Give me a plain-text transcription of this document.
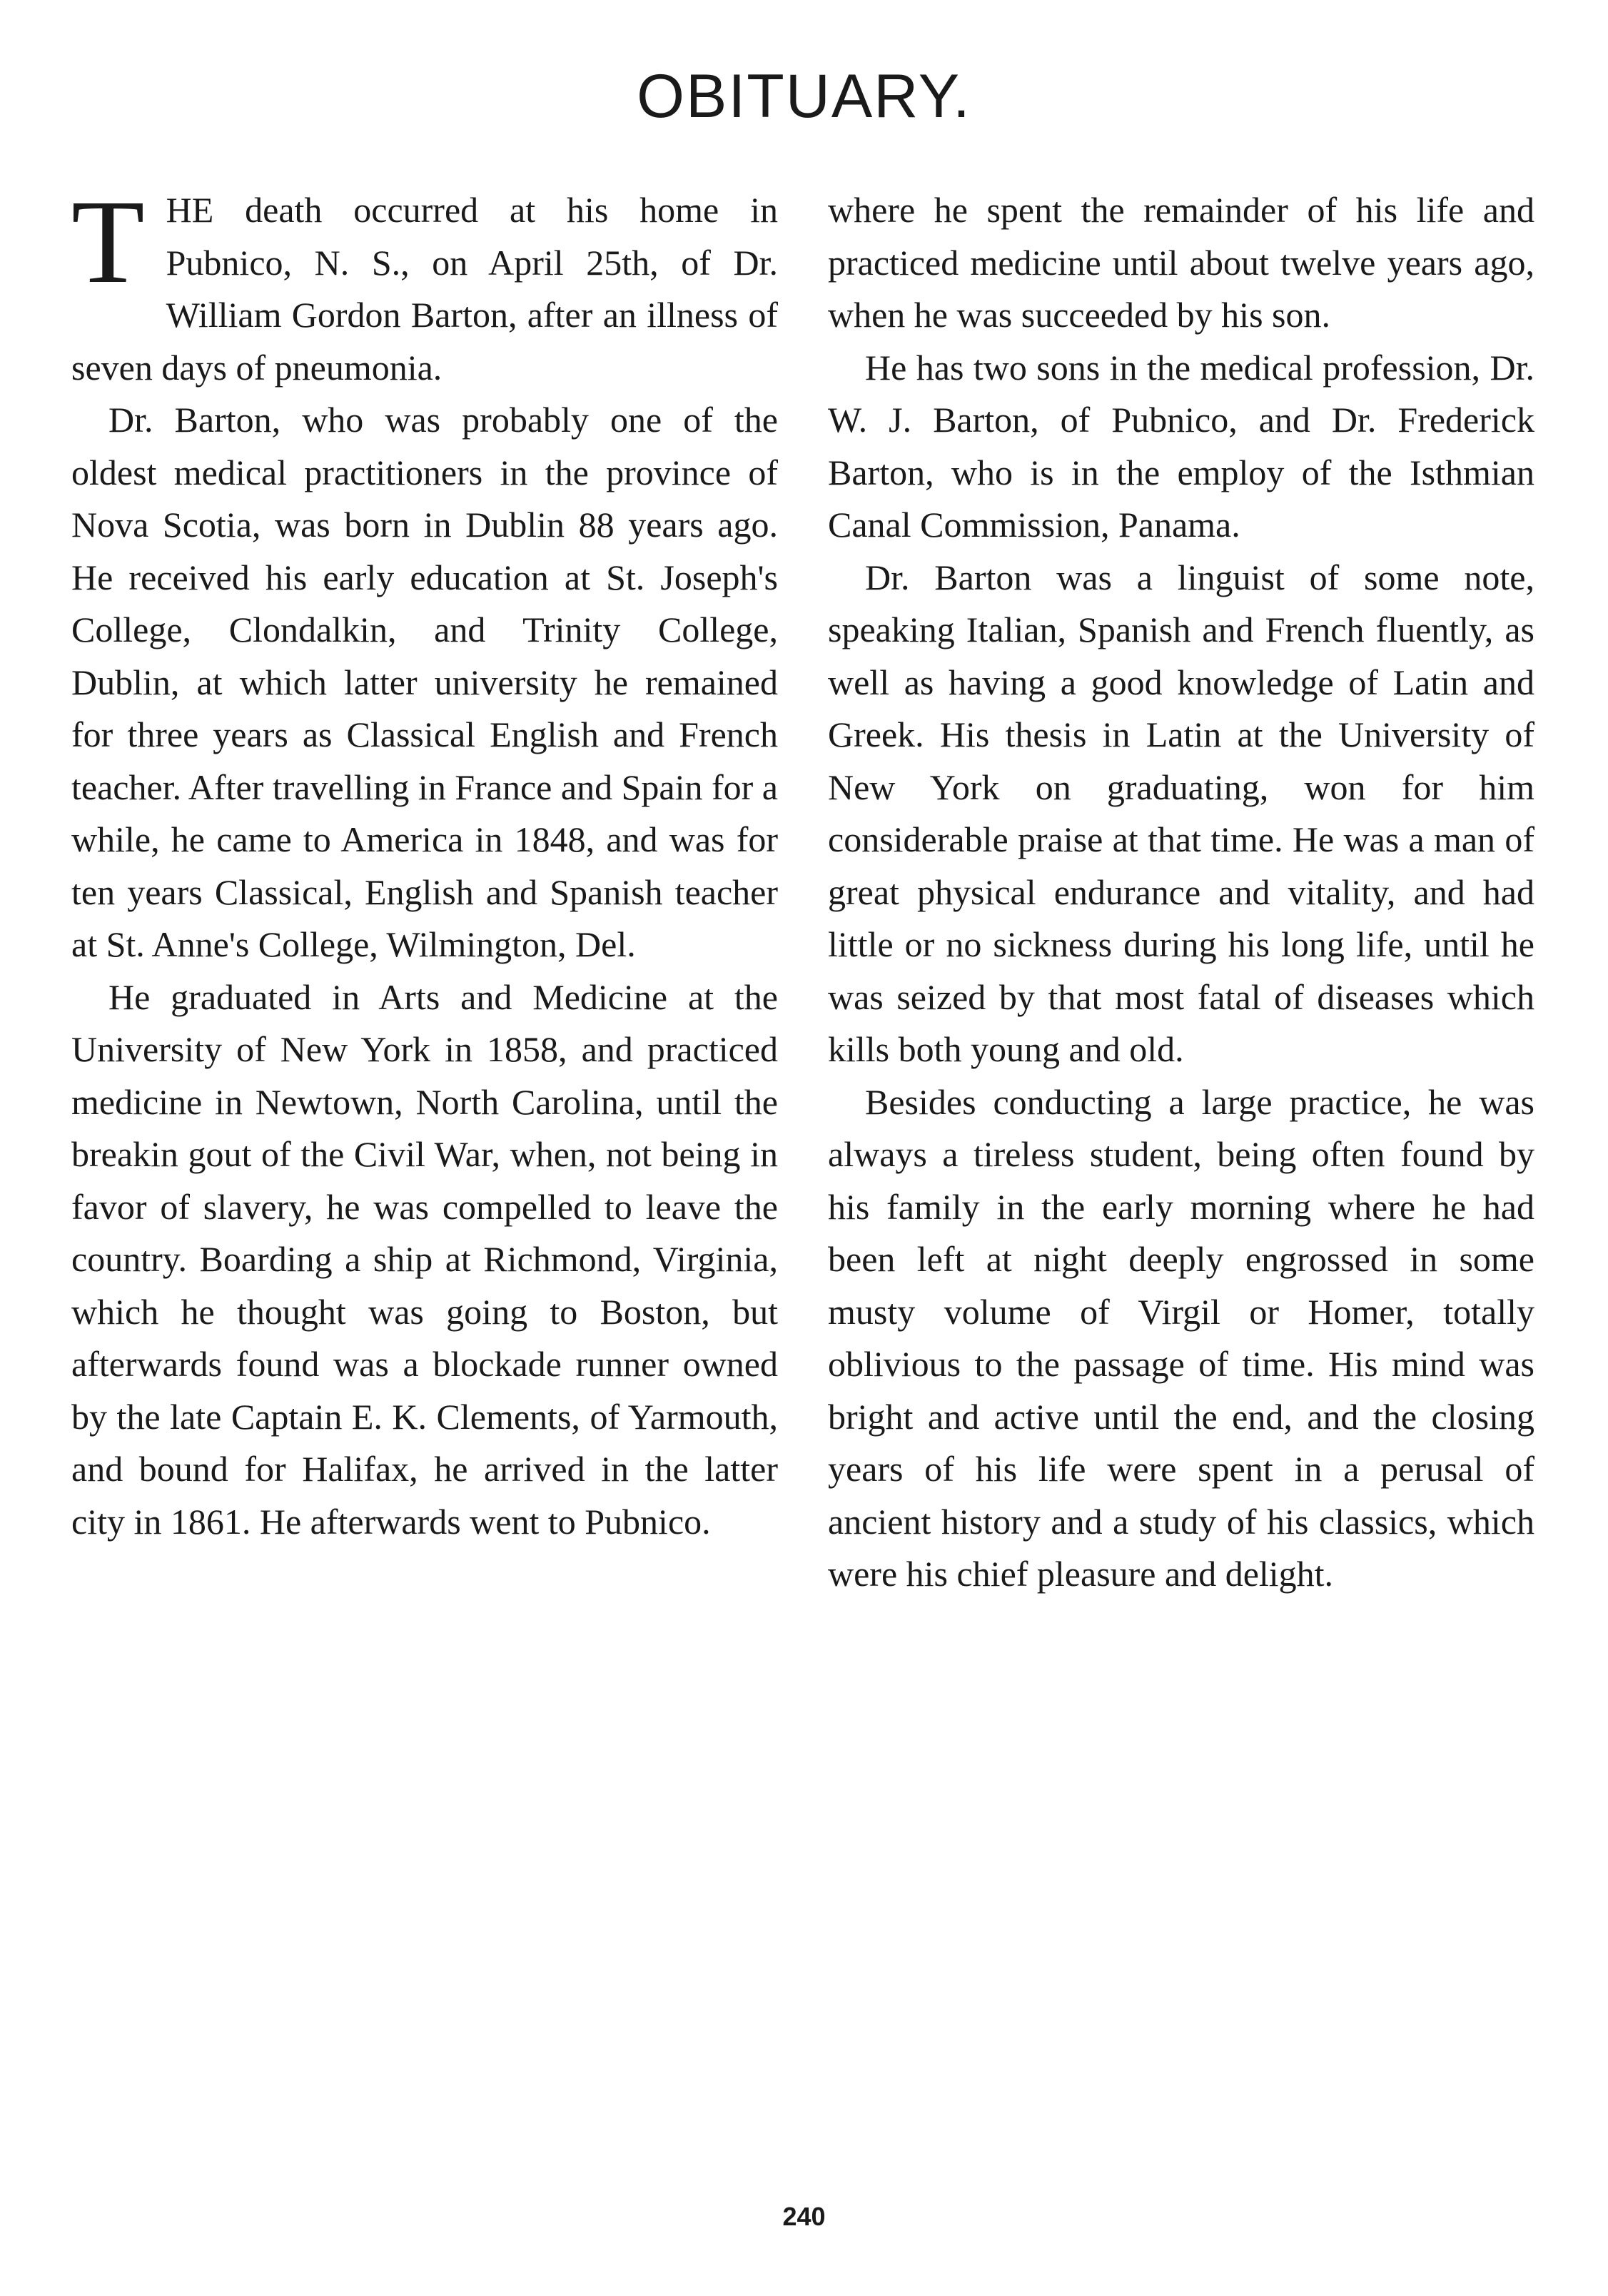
OBITUARY.

THE death occurred at his home in Pubnico, N. S., on April 25th, of Dr. William Gordon Barton, after an illness of seven days of pneumonia.

Dr. Barton, who was probably one of the oldest medical practitioners in the province of Nova Scotia, was born in Dublin 88 years ago. He received his early education at St. Joseph's College, Clondalkin, and Trinity College, Dublin, at which latter university he remained for three years as Classical English and French teacher. After travelling in France and Spain for a while, he came to America in 1848, and was for ten years Classical, English and Spanish teacher at St. Anne's College, Wilmington, Del.

He graduated in Arts and Medicine at the University of New York in 1858, and practiced medicine in Newtown, North Carolina, until the breakin gout of the Civil War, when, not being in favor of slavery, he was compelled to leave the country. Boarding a ship at Richmond, Virginia, which he thought was going to Boston, but afterwards found was a blockade runner owned by the late Captain E. K. Clements, of Yarmouth, and bound for Halifax, he arrived in the latter city in 1861. He afterwards went to Pubnico.

where he spent the remainder of his life and practiced medicine until about twelve years ago, when he was succeeded by his son.

He has two sons in the medical profession, Dr. W. J. Barton, of Pubnico, and Dr. Frederick Barton, who is in the employ of the Isthmian Canal Commission, Panama.

Dr. Barton was a linguist of some note, speaking Italian, Spanish and French fluently, as well as having a good knowledge of Latin and Greek. His thesis in Latin at the University of New York on graduating, won for him considerable praise at that time. He was a man of great physical endurance and vitality, and had little or no sickness during his long life, until he was seized by that most fatal of diseases which kills both young and old.

Besides conducting a large practice, he was always a tireless student, being often found by his family in the early morning where he had been left at night deeply engrossed in some musty volume of Virgil or Homer, totally oblivious to the passage of time. His mind was bright and active until the end, and the closing years of his life were spent in a perusal of ancient history and a study of his classics, which were his chief pleasure and delight.

240
